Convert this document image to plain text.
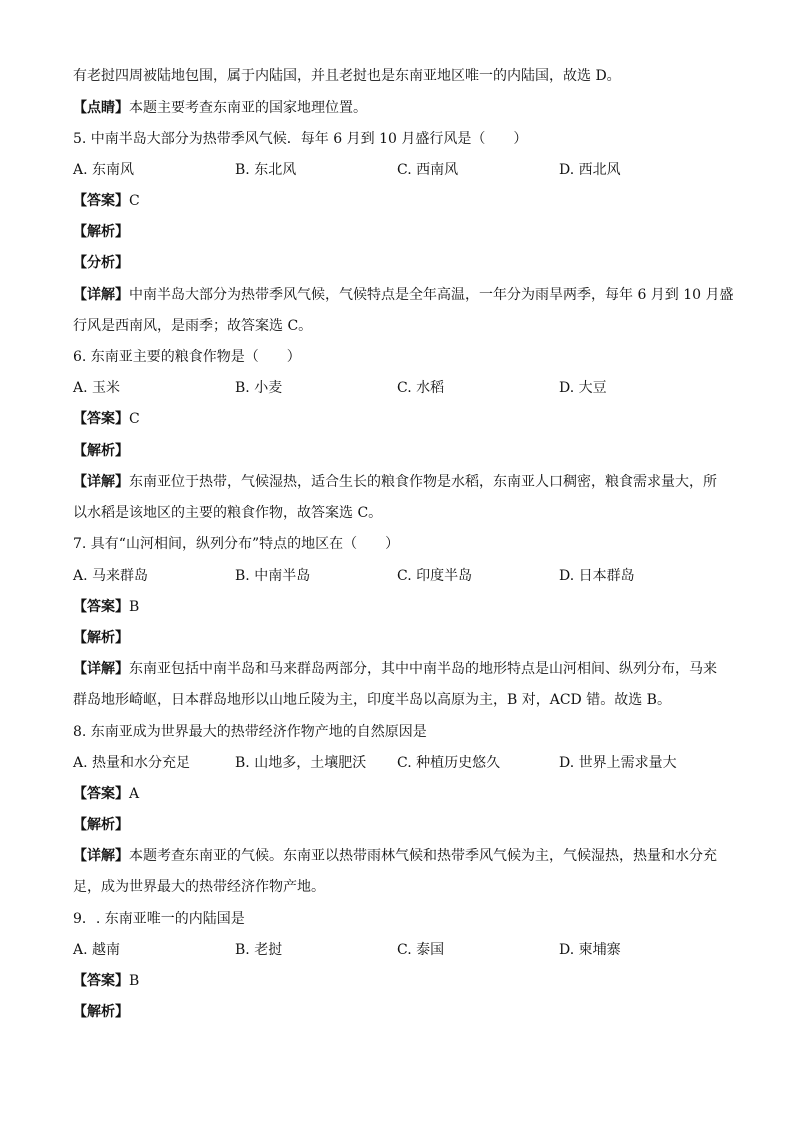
有老挝四周被陆地包围，属于内陆国，并且老挝也是东南亚地区唯一的内陆国，故选 D。
【点睛】本题主要考查东南亚的国家地理位置。
5. 中南半岛大部分为热带季风气候．每年 6 月到 10 月盛行风是（　　）
A. 东南风	B. 东北风	C. 西南风	D. 西北风
【答案】C
【解析】
【分析】
【详解】中南半岛大部分为热带季风气候，气候特点是全年高温，一年分为雨旱两季，每年 6 月到 10 月盛
行风是西南风，是雨季；故答案选 C。
6. 东南亚主要的粮食作物是（　　）
A. 玉米	B. 小麦	C. 水稻	D. 大豆
【答案】C
【解析】
【详解】东南亚位于热带，气候湿热，适合生长的粮食作物是水稻，东南亚人口稠密，粮食需求量大，所
以水稻是该地区的主要的粮食作物，故答案选 C。
7. 具有“山河相间，纵列分布”特点的地区在（　　）
A. 马来群岛	B. 中南半岛	C. 印度半岛	D. 日本群岛
【答案】B
【解析】
【详解】东南亚包括中南半岛和马来群岛两部分，其中中南半岛的地形特点是山河相间、纵列分布，马来
群岛地形崎岖，日本群岛地形以山地丘陵为主，印度半岛以高原为主，B 对，ACD 错。故选 B。
8. 东南亚成为世界最大的热带经济作物产地的自然原因是
A. 热量和水分充足	B. 山地多，土壤肥沃 C. 种植历史悠久	D. 世界上需求量大
【答案】A
【解析】
【详解】本题考查东南亚的气候。东南亚以热带雨林气候和热带季风气候为主，气候湿热，热量和水分充
足，成为世界最大的热带经济作物产地。
9．. 东南亚唯一的内陆国是
A. 越南	B. 老挝	C. 泰国	D. 柬埔寨
【答案】B
【解析】
